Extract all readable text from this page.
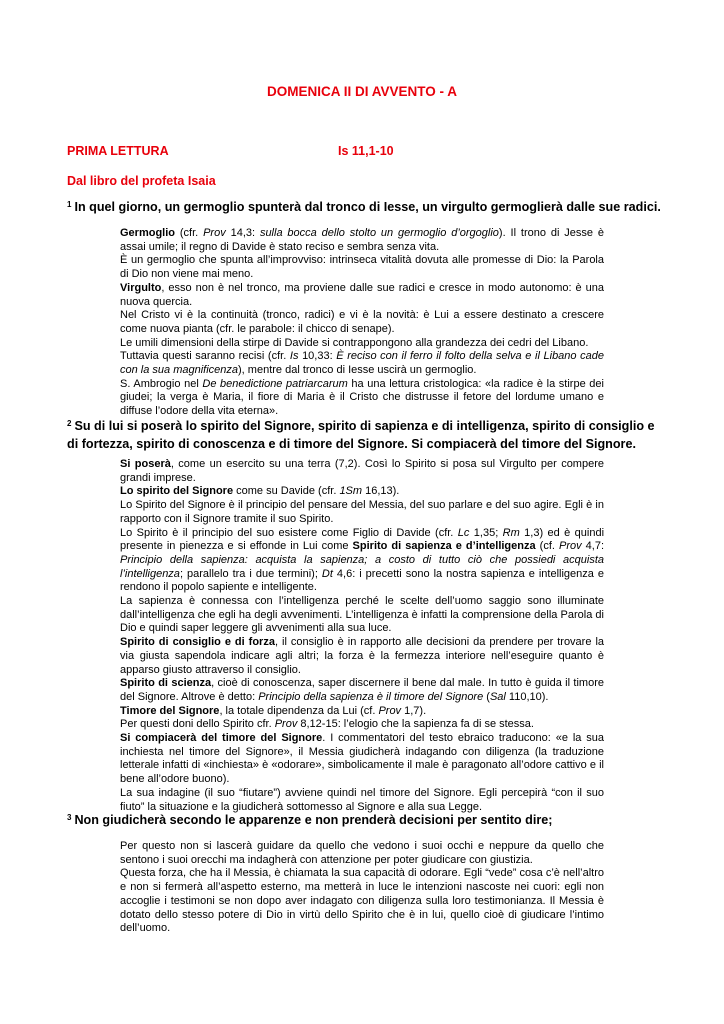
DOMENICA II DI AVVENTO - A
PRIMA LETTURA	Is 11,1-10
Dal libro del profeta Isaia
$^1$ In quel giorno, un germoglio spunterà dal tronco di Iesse, un virgulto germoglierà dalle sue radici.

Germoglio (cfr. Prov 14,3: sulla bocca dello stolto un germoglio d’orgoglio). Il trono di Jesse è assai umile; il regno di Davide è stato reciso e sembra senza vita.

È un germoglio che spunta all’improvviso: intrinseca vitalità dovuta alle promesse di Dio: la Parola di Dio non viene mai meno.

Virgulto, esso non è nel tronco, ma proviene dalle sue radici e cresce in modo autonomo: è una nuova quercia.

Nel Cristo vi è la continuità (tronco, radici) e vi è la novità: è Lui a essere destinato a crescere come nuova pianta (cfr. le parabole: il chicco di senape).

Le umili dimensioni della stirpe di Davide si contrappongono alla grandezza dei cedri del Libano.

Tuttavia questi saranno recisi (cfr. Is 10,33: È reciso con il ferro il folto della selva e il Libano cade con la sua magnificenza), mentre dal tronco di Iesse uscirà un germoglio.

S. Ambrogio nel De benedictione patriarcarum ha una lettura cristologica: «la radice è la stirpe dei giudei; la verga è Maria, il fiore di Maria è il Cristo che distrusse il fetore del lordume umano e diffuse l’odore della vita eterna».

$^2$ Su di lui si poserà lo spirito del Signore, spirito di sapienza e di intelligenza, spirito di consiglio e di fortezza, spirito di conoscenza e di timore del Signore. Si compiacerà del timore del Signore.

Si poserà, come un esercito su una terra (7,2). Così lo Spirito si posa sul Virgulto per compere grandi imprese.

Lo spirito del Signore come su Davide (cfr. 1Sm 16,13).

Lo Spirito del Signore è il principio del pensare del Messia, del suo parlare e del suo agire. Egli è in rapporto con il Signore tramite il suo Spirito.

Lo Spirito è il principio del suo esistere come Figlio di Davide (cfr. Lc 1,35; Rm 1,3) ed è quindi presente in pienezza e si effonde in Lui come Spirito di sapienza e d’intelligenza (cf. Prov 4,7: Principio della sapienza: acquista la sapienza; a costo di tutto ciò che possiedi acquista l’intelligenza; parallelo tra i due termini); Dt 4,6: i precetti sono la nostra sapienza e intelligenza e rendono il popolo sapiente e intelligente.

La sapienza è connessa con l’intelligenza perché le scelte dell’uomo saggio sono illuminate dall’intelligenza che egli ha degli avvenimenti. L’intelligenza è infatti la comprensione della Parola di Dio e quindi saper leggere gli avvenimenti alla sua luce.

Spirito di consiglio e di forza, il consiglio è in rapporto alle decisioni da prendere per trovare la via giusta sapendola indicare agli altri; la forza è la fermezza interiore nell’eseguire quanto è apparso giusto attraverso il consiglio.

Spirito di scienza, cioè di conoscenza, saper discernere il bene dal male. In tutto è guida il timore del Signore. Altrove è detto: Principio della sapienza è il timore del Signore (Sal 110,10).

Timore del Signore, la totale dipendenza da Lui (cf. Prov 1,7).

Per questi doni dello Spirito cfr. Prov 8,12-15: l’elogio che la sapienza fa di se stessa.

Si compiacerà del timore del Signore. I commentatori del testo ebraico traducono: «e la sua inchiesta nel timore del Signore», il Messia giudicherà indagando con diligenza (la traduzione letterale infatti di «inchiesta» è «odorare», simbolicamente il male è paragonato all’odore cattivo e il bene all’odore buono).

La sua indagine (il suo “fiutare”) avviene quindi nel timore del Signore. Egli percepirà “con il suo fiuto” la situazione e la giudicherà sottomesso al Signore e alla sua Legge.

$^3$ Non giudicherà secondo le apparenze e non prenderà decisioni per sentito dire;

Per questo non si lascerà guidare da quello che vedono i suoi occhi e neppure da quello che sentono i suoi orecchi ma indagherà con attenzione per poter giudicare con giustizia.

Questa forza, che ha il Messia, è chiamata la sua capacità di odorare. Egli “vede” cosa c’è nell’altro e non si fermerà all’aspetto esterno, ma metterà in luce le intenzioni nascoste nei cuori: egli non accoglie i testimoni se non dopo aver indagato con diligenza sulla loro testimonianza. Il Messia è dotato dello stesso potere di Dio in virtù dello Spirito che è in lui, quello cioè di giudicare l’intimo dell’uomo.
